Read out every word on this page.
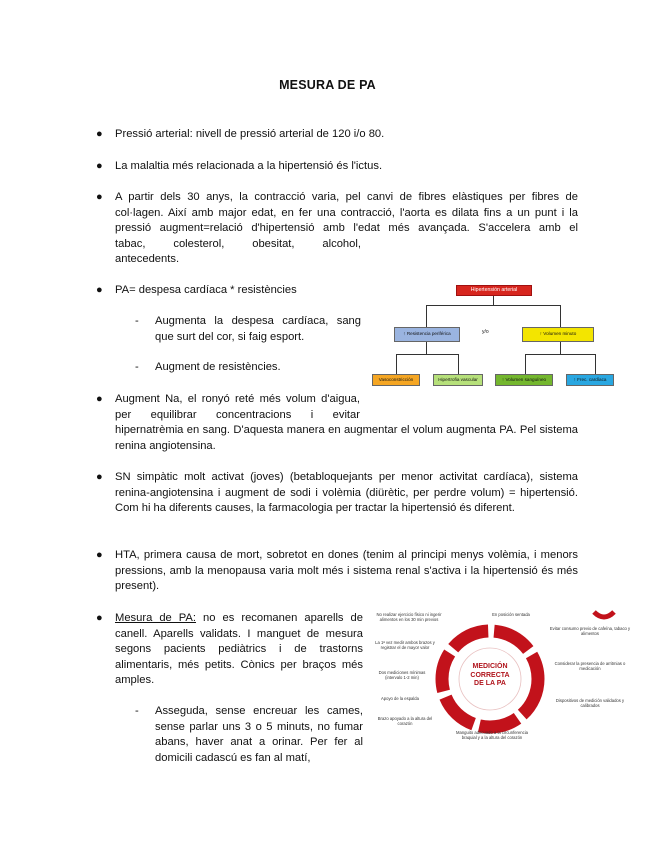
MESURA DE PA
● Pressió arterial: nivell de pressió arterial de 120 i/o 80.
● La malaltia més relacionada a la hipertensió és l'ictus.
● A partir dels 30 anys, la contracció varia, pel canvi de fibres elàstiques per fibres de
col·lagen. Així amb major edat, en fer una contracció, l'aorta es dilata fins a un punt i la
pressió augment=relació d'hipertensió amb l'edat més avançada. S'accelera amb el
tabac, colesterol, obesitat, alcohol,
antecedents.
● PA= despesa cardíaca * resistències
- Augmenta la despesa cardíaca, sang que surt del cor, si faig esport.
- Augment de resistències.
Hipertensión arterial
↑ Resistencia periférica	↑ Volumen minuto
y/o
Vasoconstricción	Hipertrofia vascular	↑ Volumen sanguíneo	↑ Frec. cardíaca
● Augment Na, el ronyó reté més volum d'aigua,
per equilibrar concentracions i evitar
hipernatrèmia en sang. D'aquesta manera en augmentar el volum augmenta PA. Pel sistema renina angiotensina.
● SN simpàtic molt activat (joves) (betabloquejants per menor activitat cardíaca), sistema renina-angiotensina i augment de sodi i volèmia (diürètic, per perdre volum) = hipertensió. Com hi ha diferents causes, la farmacologia per tractar la hipertensió és diferent.
● HTA, primera causa de mort, sobretot en dones (tenim al principi menys volèmia, i menors pressions, amb la menopausa varia molt més i sistema renal s'activa i la hipertensió és més present).
● Mesura de PA: no es recomanen aparells de canell. Aparells validats. I manguet de mesura segons pacients pediàtrics i de trastorns alimentaris, més petits. Cònics per braços més amples.
- Asseguda, sense encreuar les cames, sense parlar uns 3 o 5 minuts, no fumar abans, haver anat a orinar. Per fer al domicili cadascú es fan al matí,
MEDICIÓN
CORRECTA
DE LA PA
No realizar ejercicio físico ni ingerir alimentos en los 30 min previos
En posición sentada
Evitar consumo previo de cafeína, tabaco y alimentos
Considerar la presencia de arritmias o medicación
Dispositivos de medición validados y calibrados
Manguito adecuado a la circunferencia braquial y a la altura del corazón
Brazo apoyado a la altura del corazón
Apoyo de la espalda
Dos mediciones mínimas (intervalo 1-2 min)
La 1ª vez medir ambos brazos y registrar el de mayor valor
